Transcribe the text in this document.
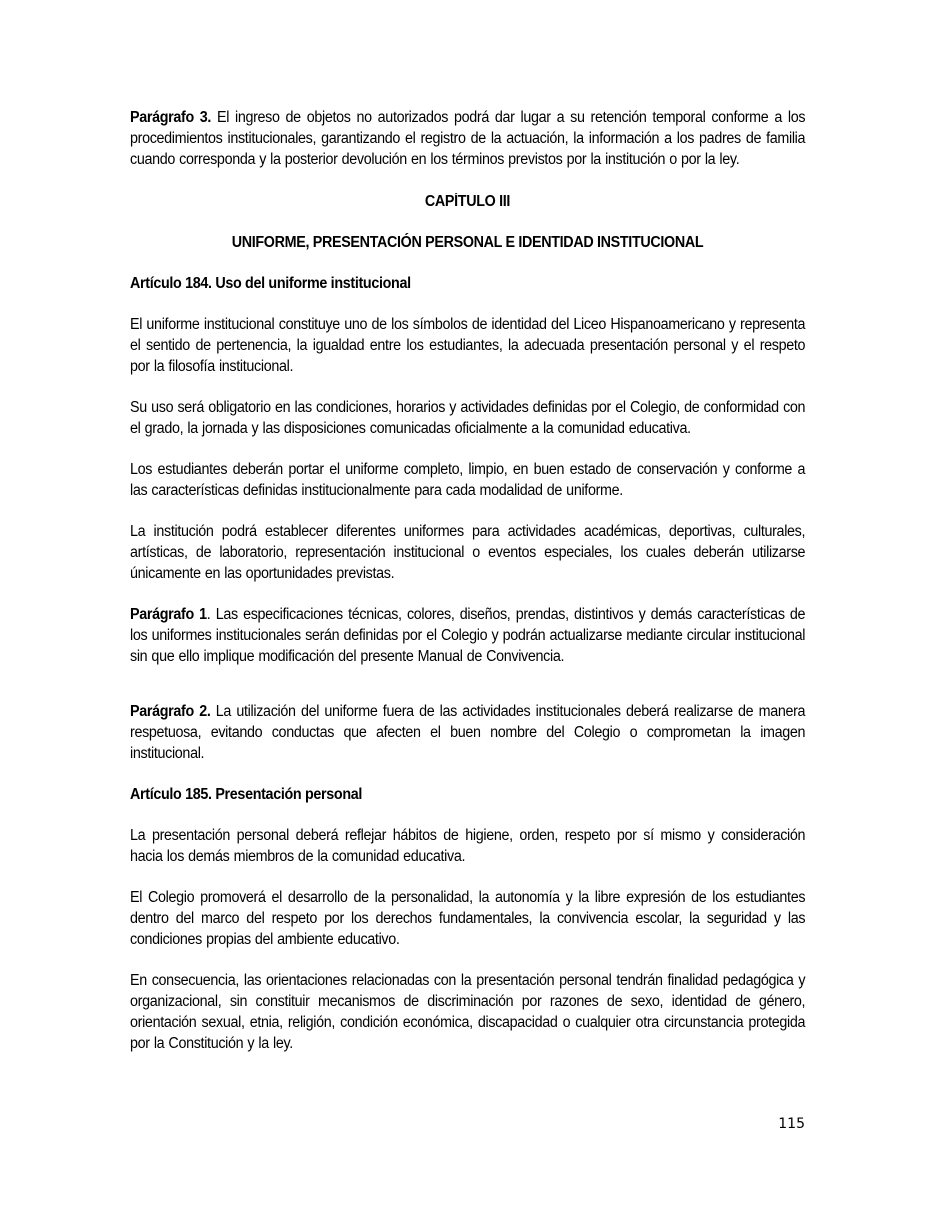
Parágrafo 3. El ingreso de objetos no autorizados podrá dar lugar a su retención temporal conforme a los procedimientos institucionales, garantizando el registro de la actuación, la información a los padres de familia cuando corresponda y la posterior devolución en los términos previstos por la institución o por la ley.

CAPÍTULO III

UNIFORME, PRESENTACIÓN PERSONAL E IDENTIDAD INSTITUCIONAL

Artículo 184. Uso del uniforme institucional

El uniforme institucional constituye uno de los símbolos de identidad del Liceo Hispanoamericano y representa el sentido de pertenencia, la igualdad entre los estudiantes, la adecuada presentación personal y el respeto por la filosofía institucional.

Su uso será obligatorio en las condiciones, horarios y actividades definidas por el Colegio, de conformidad con el grado, la jornada y las disposiciones comunicadas oficialmente a la comunidad educativa.

Los estudiantes deberán portar el uniforme completo, limpio, en buen estado de conservación y conforme a las características definidas institucionalmente para cada modalidad de uniforme.

La institución podrá establecer diferentes uniformes para actividades académicas, deportivas, culturales, artísticas, de laboratorio, representación institucional o eventos especiales, los cuales deberán utilizarse únicamente en las oportunidades previstas.

Parágrafo 1. Las especificaciones técnicas, colores, diseños, prendas, distintivos y demás características de los uniformes institucionales serán definidas por el Colegio y podrán actualizarse mediante circular institucional sin que ello implique modificación del presente Manual de Convivencia.

Parágrafo 2. La utilización del uniforme fuera de las actividades institucionales deberá realizarse de manera respetuosa, evitando conductas que afecten el buen nombre del Colegio o comprometan la imagen institucional.

Artículo 185. Presentación personal

La presentación personal deberá reflejar hábitos de higiene, orden, respeto por sí mismo y consideración hacia los demás miembros de la comunidad educativa.

El Colegio promoverá el desarrollo de la personalidad, la autonomía y la libre expresión de los estudiantes dentro del marco del respeto por los derechos fundamentales, la convivencia escolar, la seguridad y las condiciones propias del ambiente educativo.

En consecuencia, las orientaciones relacionadas con la presentación personal tendrán finalidad pedagógica y organizacional, sin constituir mecanismos de discriminación por razones de sexo, identidad de género, orientación sexual, etnia, religión, condición económica, discapacidad o cualquier otra circunstancia protegida por la Constitución y la ley.

115
